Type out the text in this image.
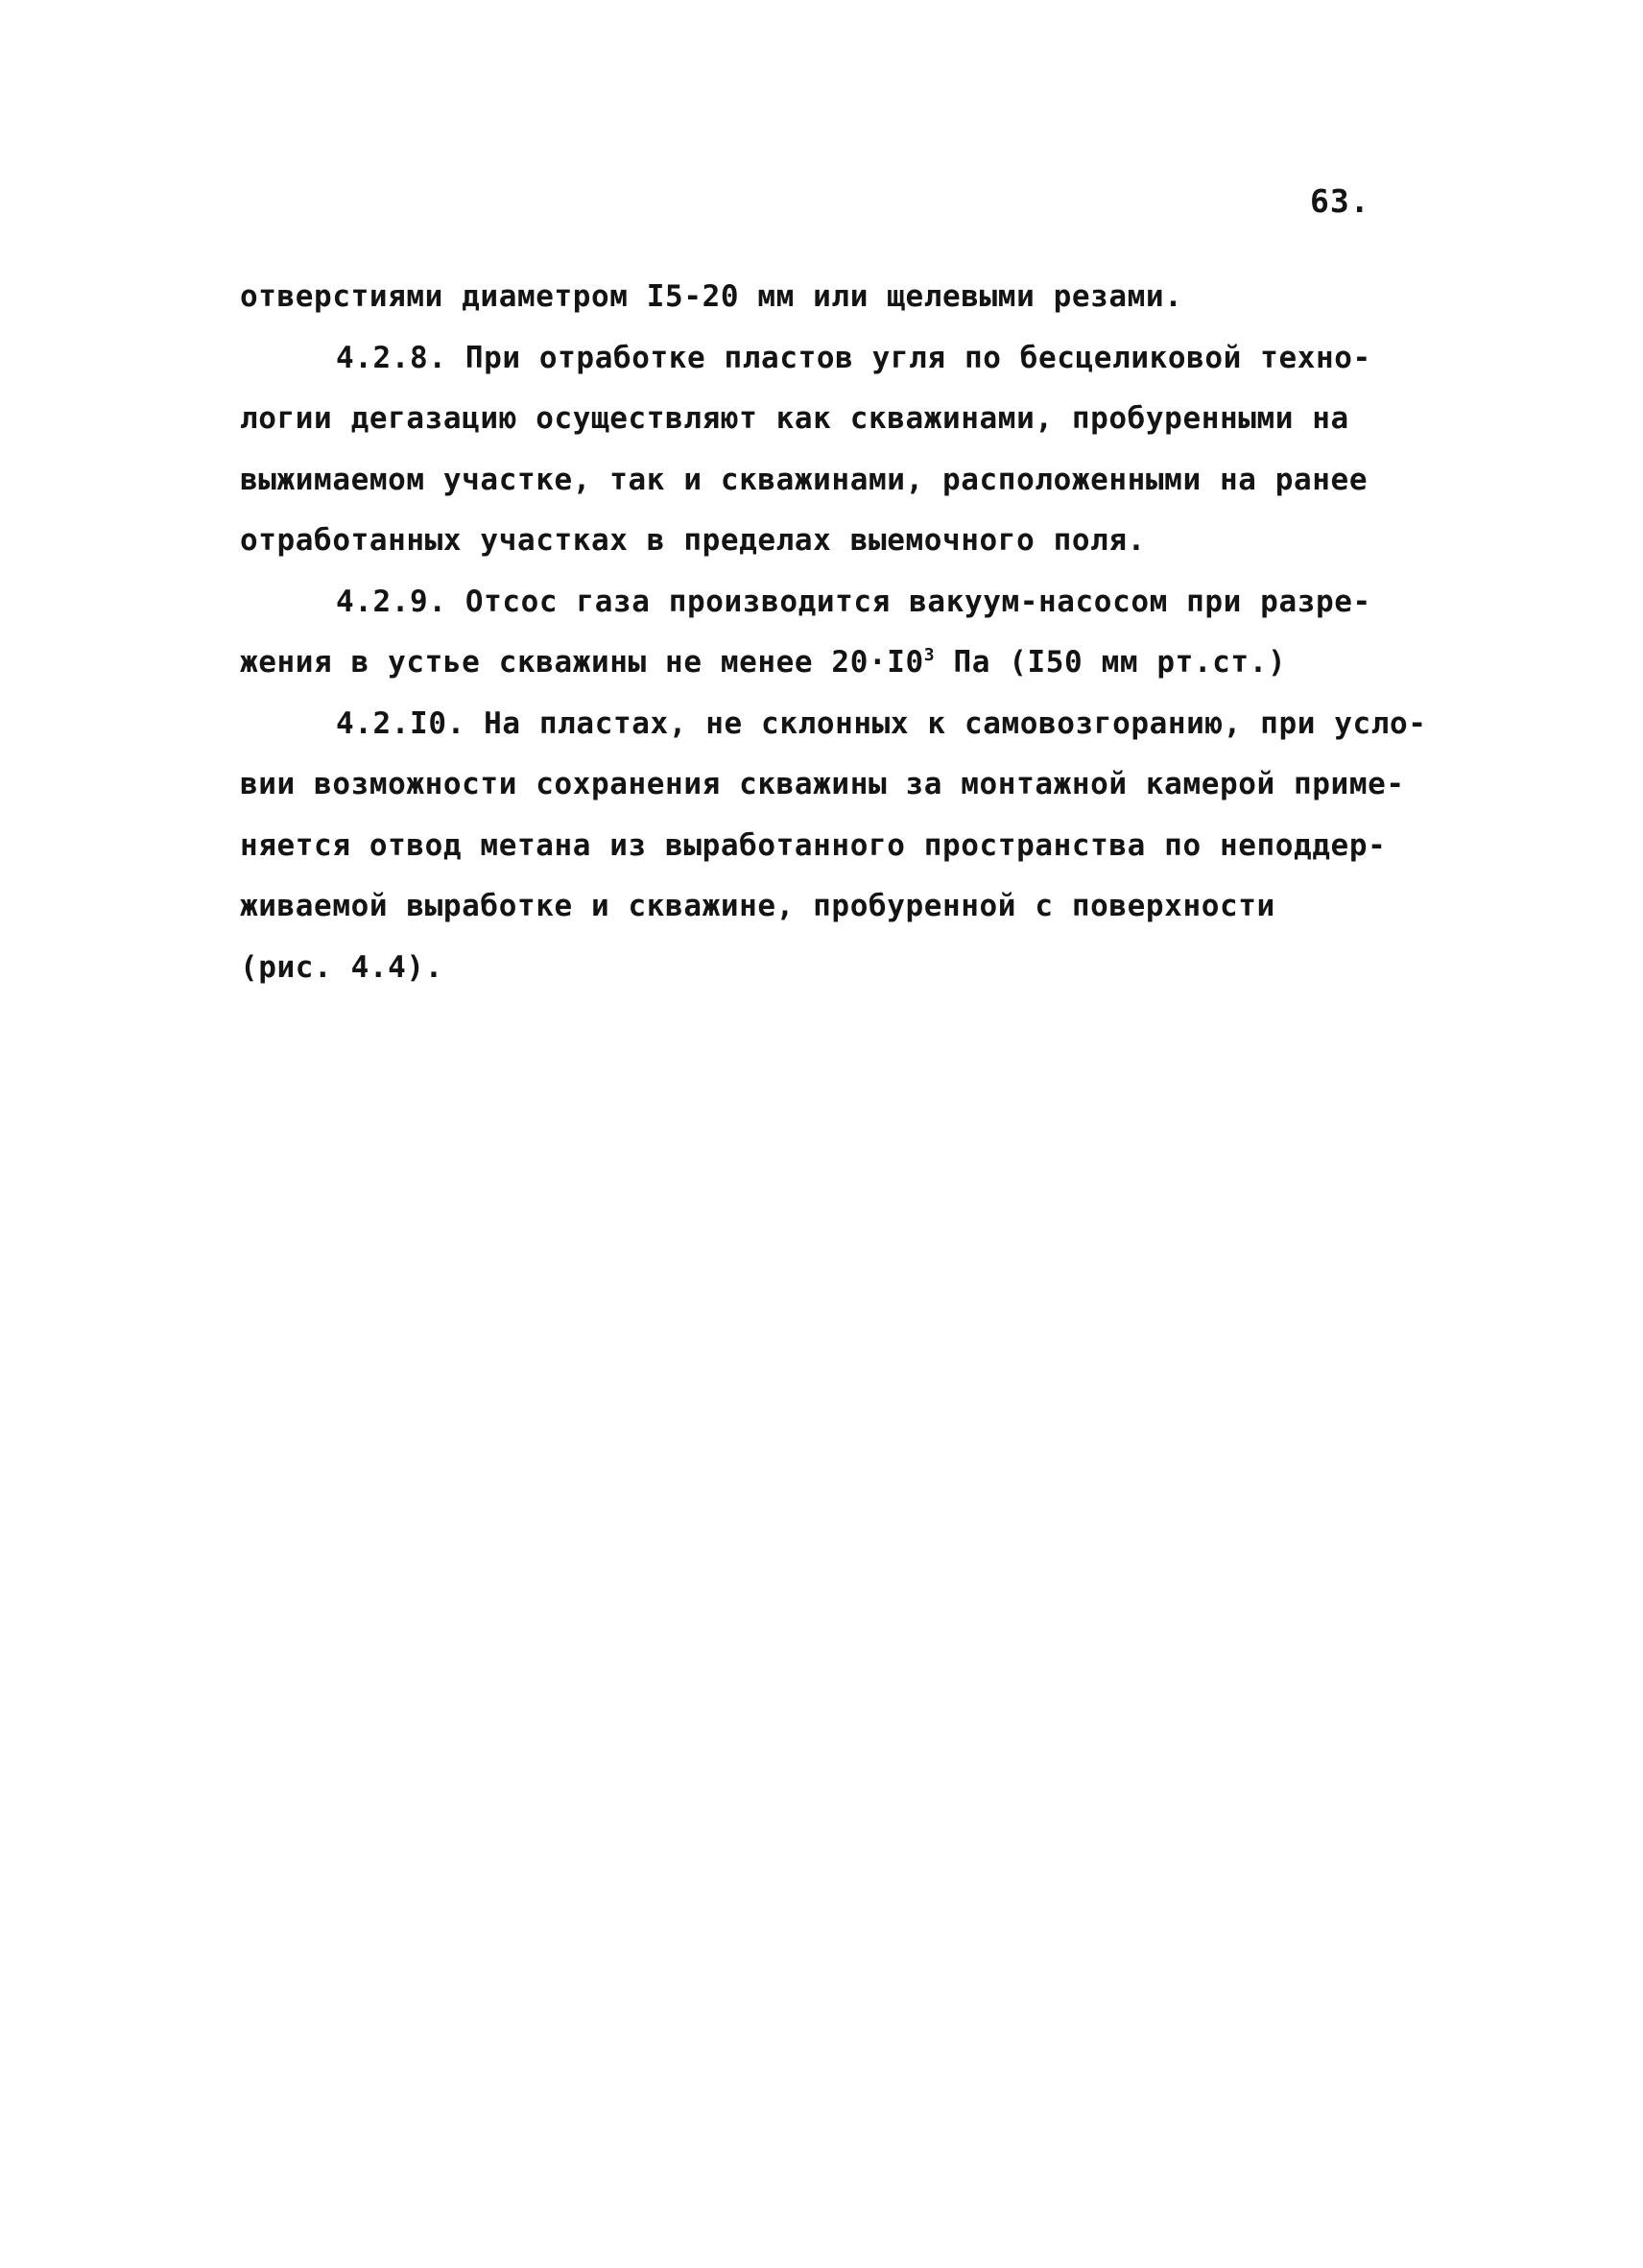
63.
отверстиями диаметром I5-20 мм или щелевыми резами.
4.2.8. При отработке пластов угля по бесцеликовой техно-
логии дегазацию осуществляют как скважинами, пробуренными на
выжимаемом участке, так и скважинами, расположенными на ранее
отработанных участках в пределах выемочного поля.
4.2.9. Отсос газа производится вакуум-насосом при разре-
жения в устье скважины не менее $20\cdot I0^3$ Па (I50 мм рт.ст.)
4.2.I0. На пластах, не склонных к самовозгоранию, при усло-
вии возможности сохранения скважины за монтажной камерой приме-
няется отвод метана из выработанного пространства по неподдер-
живаемой выработке и скважине, пробуренной с поверхности
(рис. 4.4).
